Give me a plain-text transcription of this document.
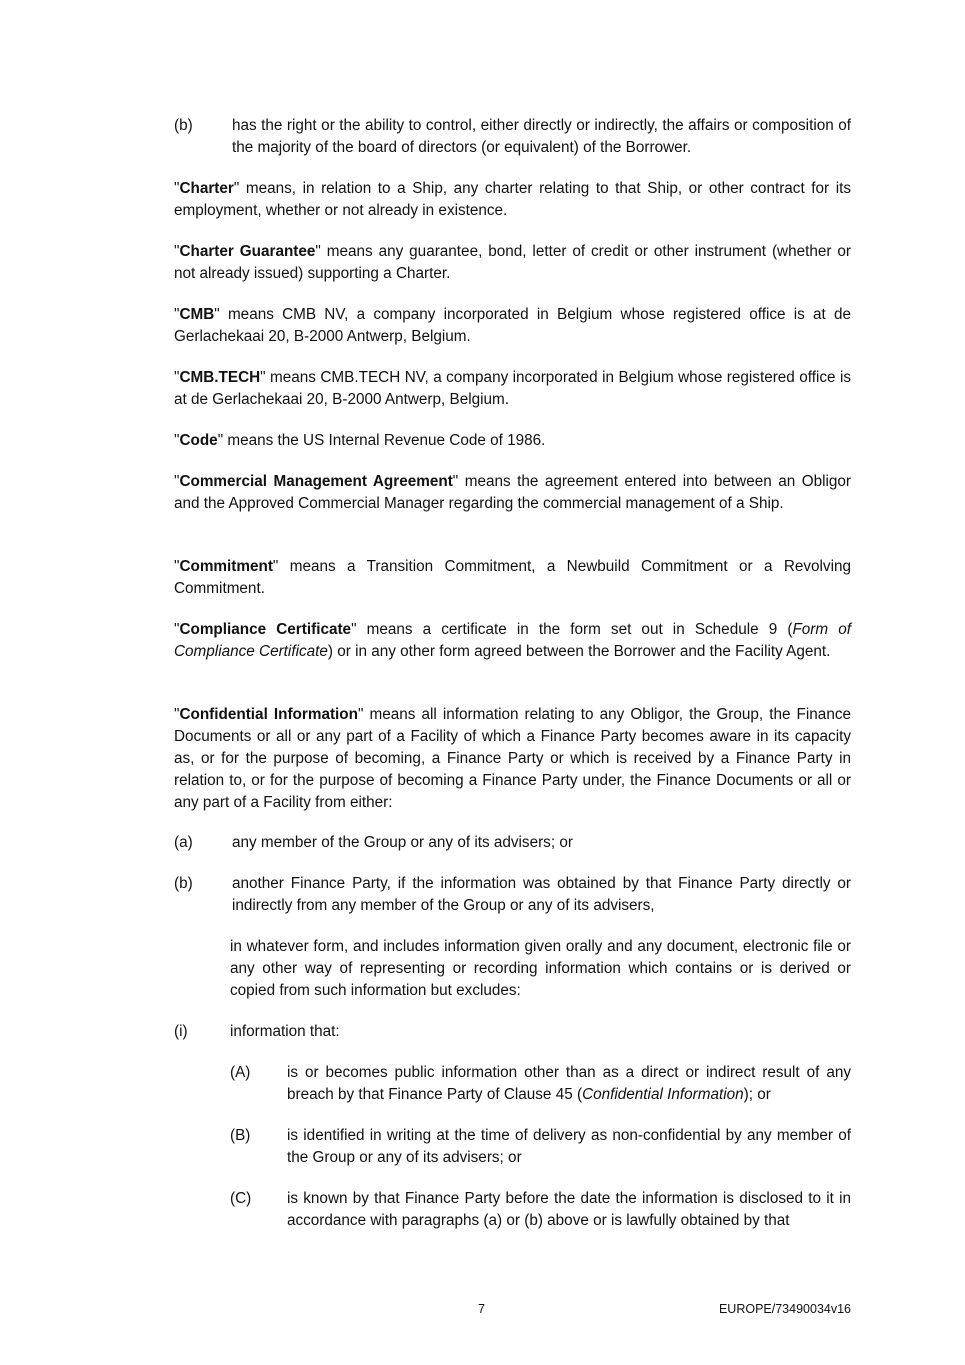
(b)	has the right or the ability to control, either directly or indirectly, the affairs or composition of the majority of the board of directors (or equivalent) of the Borrower.

"Charter" means, in relation to a Ship, any charter relating to that Ship, or other contract for its employment, whether or not already in existence.

"Charter Guarantee" means any guarantee, bond, letter of credit or other instrument (whether or not already issued) supporting a Charter.

"CMB" means CMB NV, a company incorporated in Belgium whose registered office is at de Gerlachekaai 20, B-2000 Antwerp, Belgium.

"CMB.TECH" means CMB.TECH NV, a company incorporated in Belgium whose registered office is at de Gerlachekaai 20, B-2000 Antwerp, Belgium.

"Code" means the US Internal Revenue Code of 1986.

"Commercial Management Agreement" means the agreement entered into between an Obligor and the Approved Commercial Manager regarding the commercial management of a Ship.

"Commitment" means a Transition Commitment, a Newbuild Commitment or a Revolving Commitment.

"Compliance Certificate" means a certificate in the form set out in Schedule 9 (Form of Compliance Certificate) or in any other form agreed between the Borrower and the Facility Agent.

"Confidential Information" means all information relating to any Obligor, the Group, the Finance Documents or all or any part of a Facility of which a Finance Party becomes aware in its capacity as, or for the purpose of becoming, a Finance Party or which is received by a Finance Party in relation to, or for the purpose of becoming a Finance Party under, the Finance Documents or all or any part of a Facility from either:

(a)	any member of the Group or any of its advisers; or
(b)	another Finance Party, if the information was obtained by that Finance Party directly or indirectly from any member of the Group or any of its advisers,
in whatever form, and includes information given orally and any document, electronic file or any other way of representing or recording information which contains or is derived or copied from such information but excludes:
(i)	information that:
(A) is or becomes public information other than as a direct or indirect result of any breach by that Finance Party of Clause 45 (Confidential Information); or
(B) is identified in writing at the time of delivery as non-confidential by any member of the Group or any of its advisers; or
(C) is known by that Finance Party before the date the information is disclosed to it in accordance with paragraphs (a) or (b) above or is lawfully obtained by that
7	EUROPE/73490034v16
